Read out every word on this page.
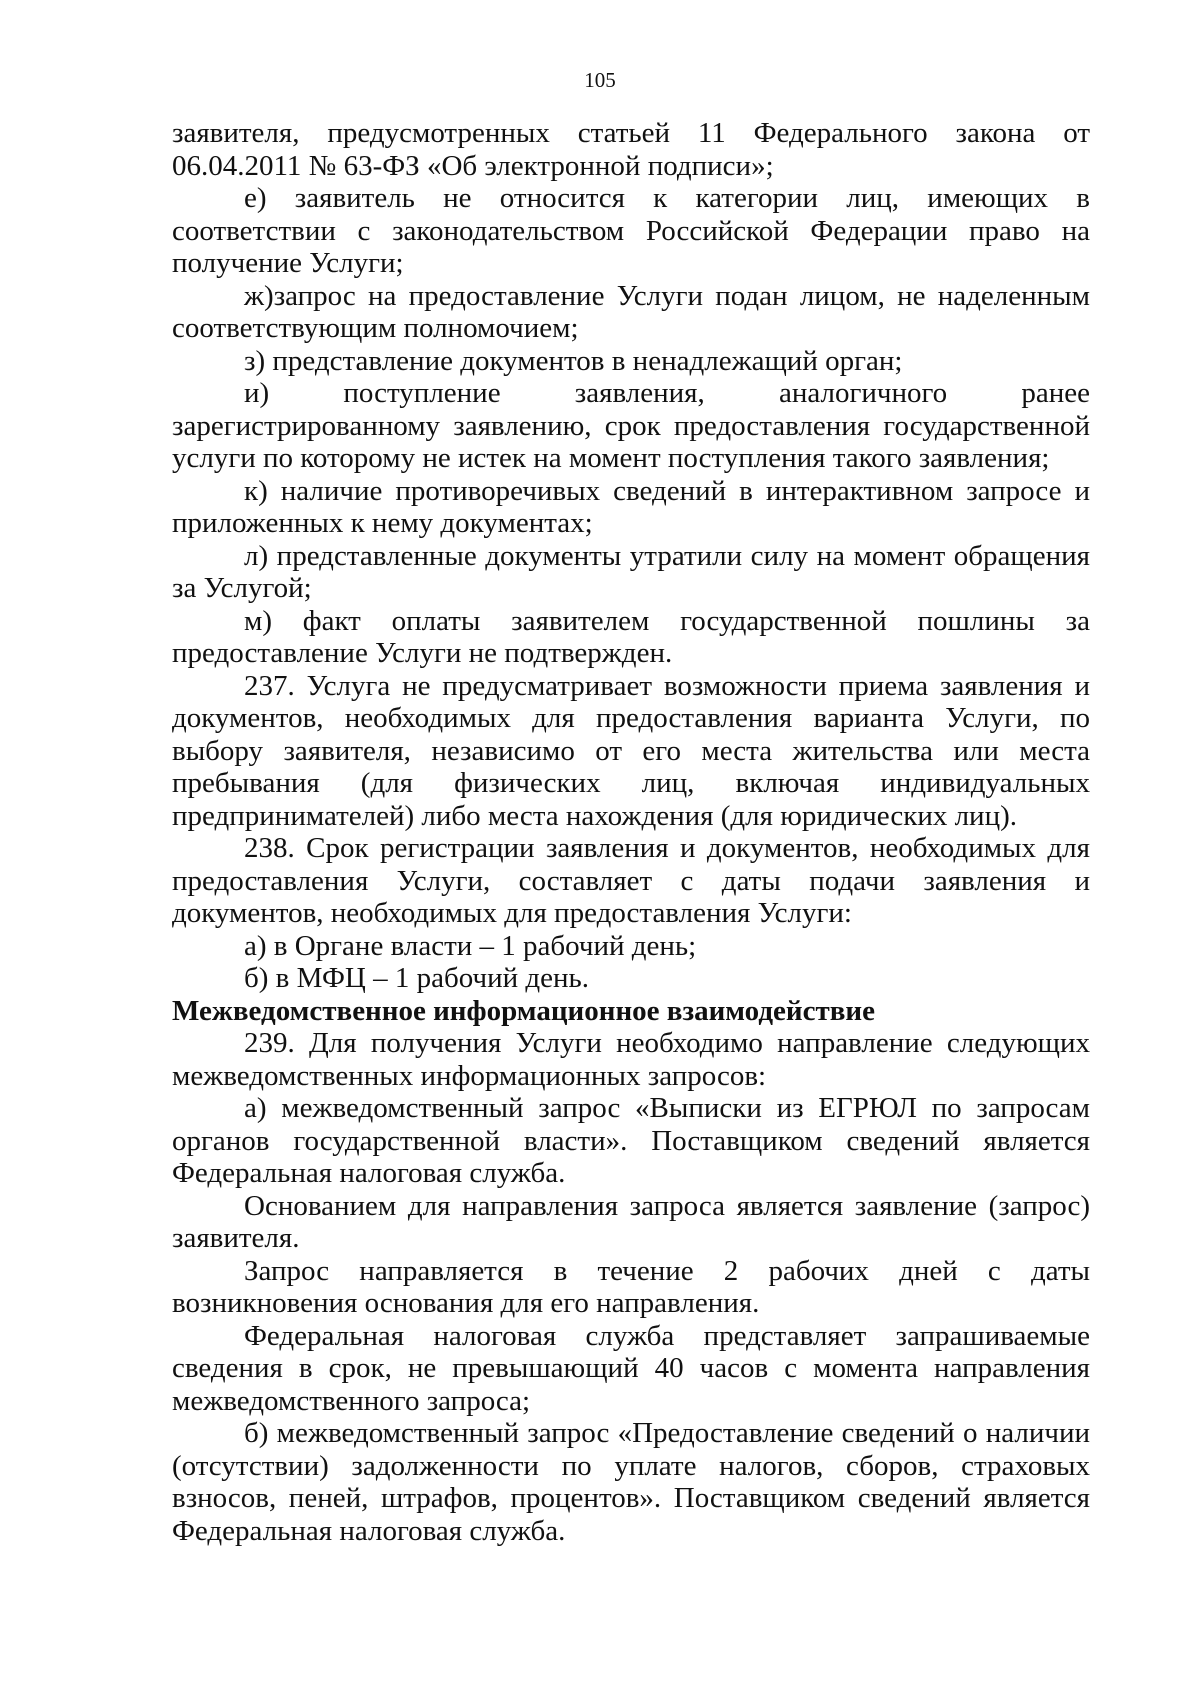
105

заявителя, предусмотренных статьей 11 Федерального закона от 06.04.2011 № 63-ФЗ «Об электронной подписи»;

е) заявитель не относится к категории лиц, имеющих в соответствии с законодательством Российской Федерации право на получение Услуги;

ж)запрос на предоставление Услуги подан лицом, не наделенным соответствующим полномочием;

з) представление документов в ненадлежащий орган;

и) поступление заявления, аналогичного ранее зарегистрированному заявлению, срок предоставления государственной услуги по которому не истек на момент поступления такого заявления;

к) наличие противоречивых сведений в интерактивном запросе и приложенных к нему документах;

л) представленные документы утратили силу на момент обращения за Услугой;

м) факт оплаты заявителем государственной пошлины за предоставление Услуги не подтвержден.

237. Услуга не предусматривает возможности приема заявления и документов, необходимых для предоставления варианта Услуги, по выбору заявителя, независимо от его места жительства или места пребывания (для физических лиц, включая индивидуальных предпринимателей) либо места нахождения (для юридических лиц).

238. Срок регистрации заявления и документов, необходимых для предоставления Услуги, составляет с даты подачи заявления и документов, необходимых для предоставления Услуги:

а) в Органе власти – 1 рабочий день;

б) в МФЦ – 1 рабочий день.

Межведомственное информационное взаимодействие

239. Для получения Услуги необходимо направление следующих межведомственных информационных запросов:

а) межведомственный запрос «Выписки из ЕГРЮЛ по запросам органов государственной власти». Поставщиком сведений является Федеральная налоговая служба.

Основанием для направления запроса является заявление (запрос) заявителя.

Запрос направляется в течение 2 рабочих дней с даты возникновения основания для его направления.

Федеральная налоговая служба представляет запрашиваемые сведения в срок, не превышающий 40 часов с момента направления межведомственного запроса;

б) межведомственный запрос «Предоставление сведений о наличии (отсутствии) задолженности по уплате налогов, сборов, страховых взносов, пеней, штрафов, процентов». Поставщиком сведений является Федеральная налоговая служба.
